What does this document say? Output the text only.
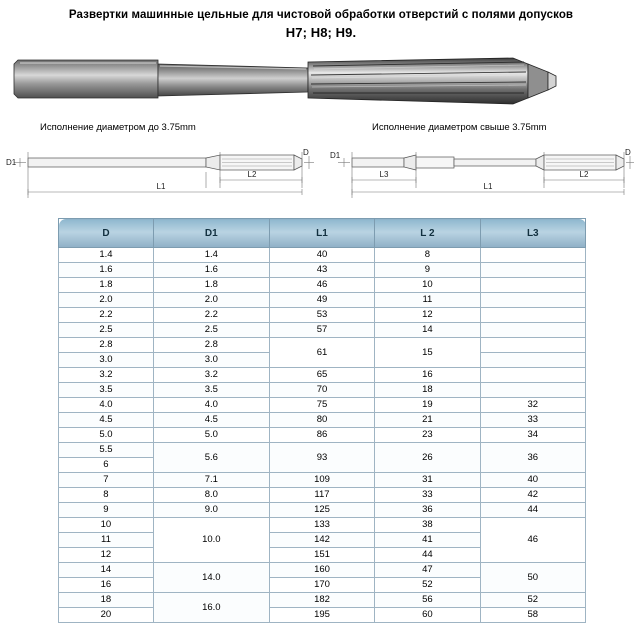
Развертки машинные цельные для чистовой обработки отверстий с полями допусков
H7; H8; H9.
Исполнение диаметром до 3.75mm	Исполнение диаметром свыше 3.75mm
D1
D
L2
L1
D1	D
L3	L2
L1
D	D1	L1	L 2	L3
1.4	1.4	40	8	
1.6	1.6	43	9	
1.8	1.8	46	10	
2.0	2.0	49	11	
2.2	2.2	53	12	
2.5	2.5	57	14	
2.8	2.8	61	15	
3.0	3.0			
3.2	3.2	65	16	
3.5	3.5	70	18	
4.0	4.0	75	19	32
4.5	4.5	80	21	33
5.0	5.0	86	23	34
5.5	5.6	93	26	36
6				
7	7.1	109	31	40
8	8.0	117	33	42
9	9.0	125	36	44
10	10.0	133	38	46
11		142	41	
12		151	44	
14	14.0	160	47	50
16		170	52	
18	16.0	182	56	52
20		195	60	58
